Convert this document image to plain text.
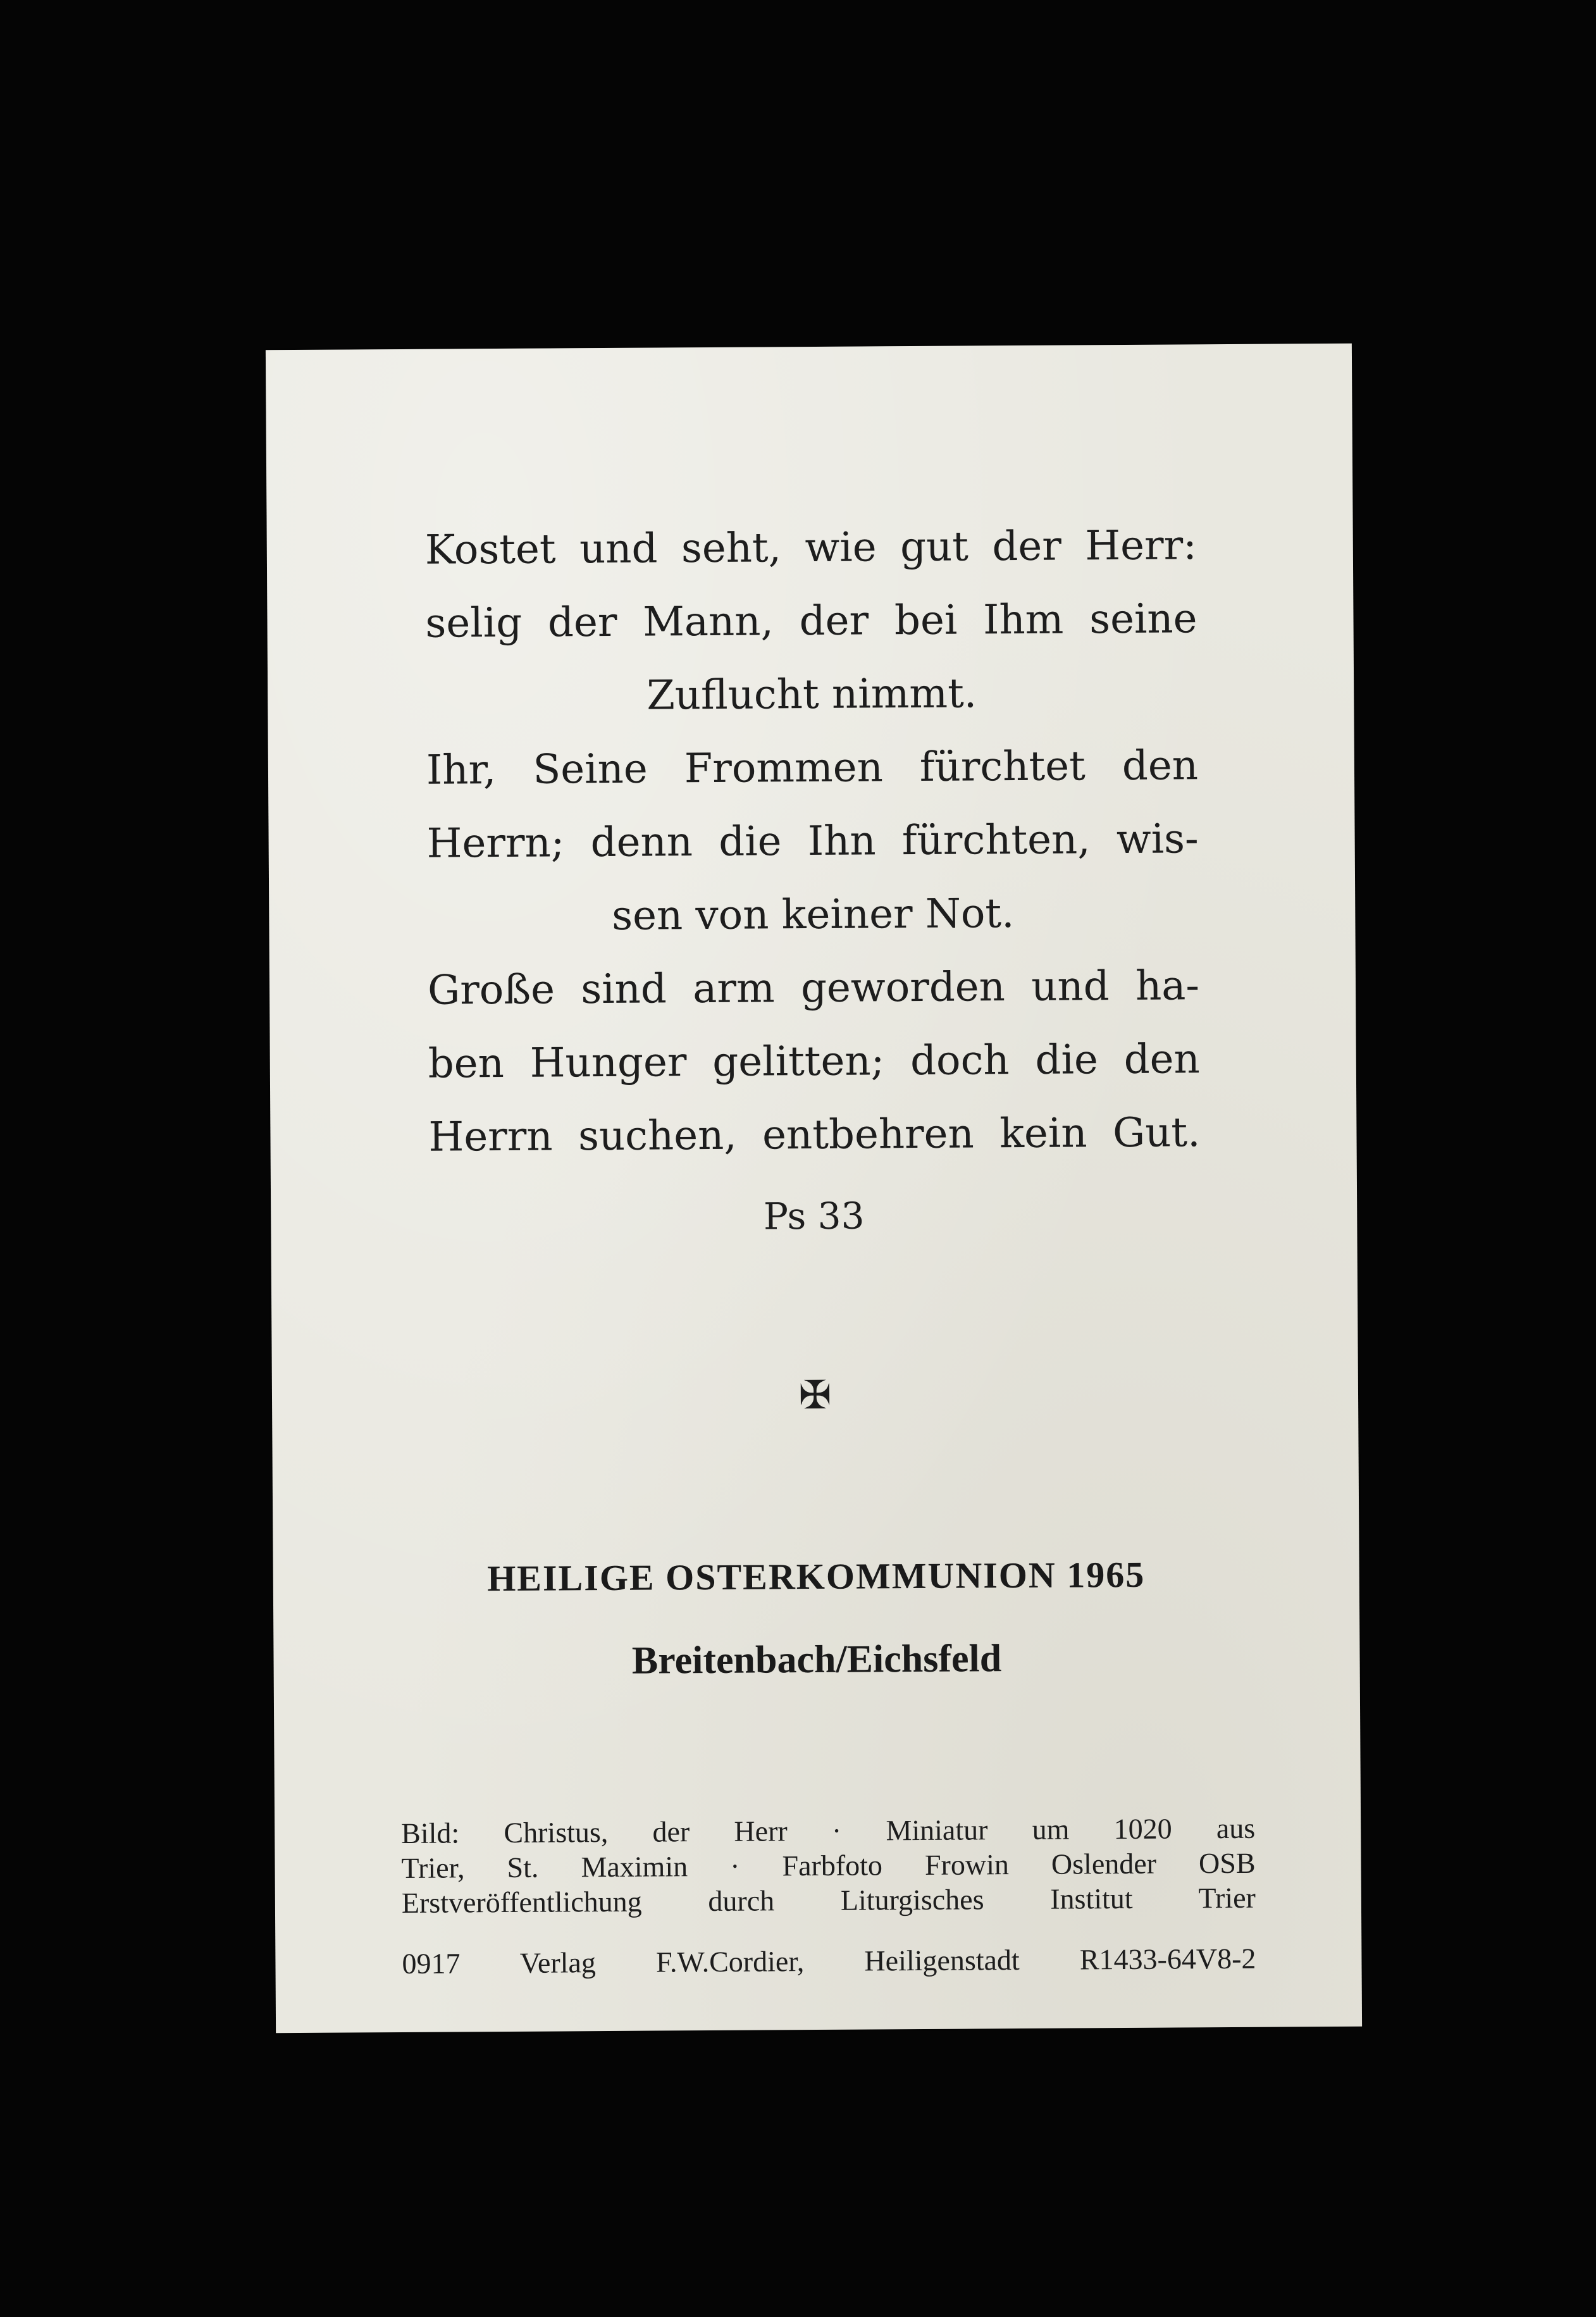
Kostet und seht, wie gut der Herr:
selig der Mann, der bei Ihm seine
Zuflucht nimmt.
Ihr, Seine Frommen fürchtet den
Herrn; denn die Ihn fürchten, wis-
sen von keiner Not.
Große sind arm geworden und ha-
ben Hunger gelitten; doch die den
Herrn suchen, entbehren kein Gut.
Ps 33
✠
HEILIGE OSTERKOMMUNION 1965
Breitenbach/Eichsfeld
Bild: Christus, der Herr · Miniatur um 1020 aus
Trier, St. Maximin · Farbfoto Frowin Oslender OSB
Erstveröffentlichung durch Liturgisches Institut Trier
0917 Verlag F.W.Cordier, Heiligenstadt R1433-64V8-2
